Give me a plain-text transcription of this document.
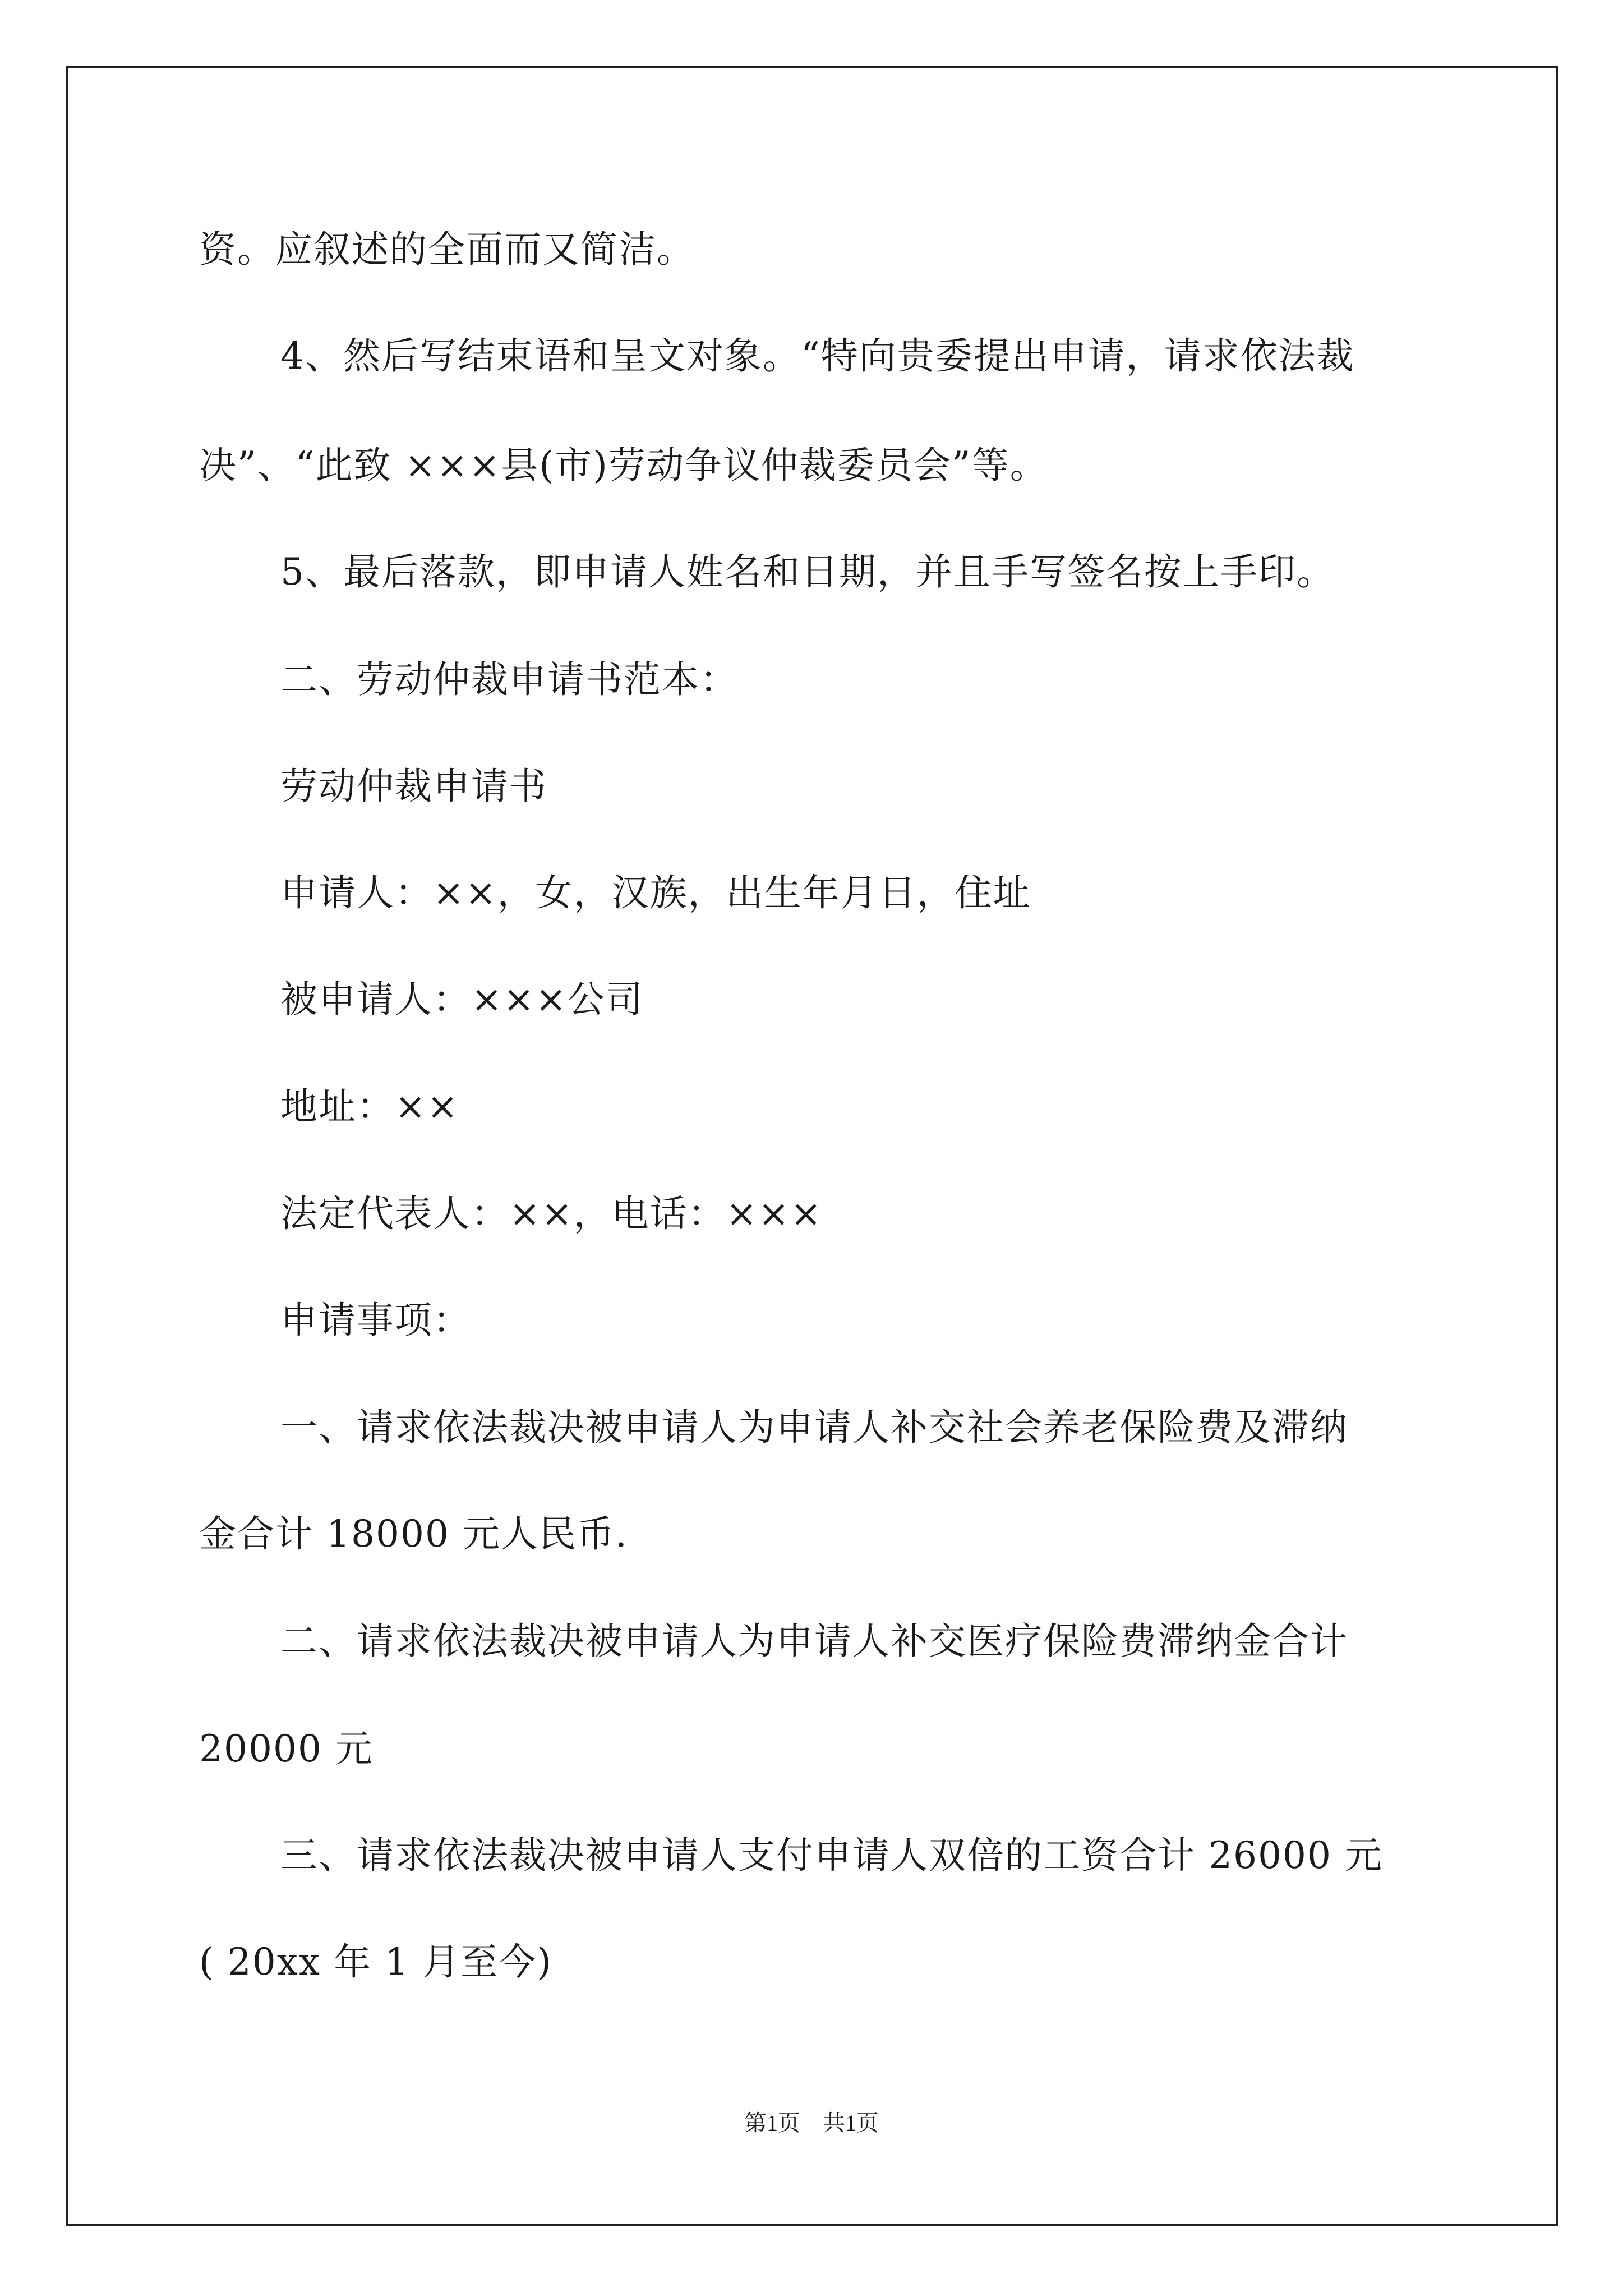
资。应叙述的全面而又简洁。
4、然后写结束语和呈文对象。“特向贵委提出申请，请求依法裁
决”、“此致 ×××县(市)劳动争议仲裁委员会”等。
5、最后落款，即申请人姓名和日期，并且手写签名按上手印。
二、劳动仲裁申请书范本：
劳动仲裁申请书
申请人：××，女，汉族，出生年月日，住址
被申请人：×××公司
地址：××
法定代表人：××，电话：×××
申请事项：
一、请求依法裁决被申请人为申请人补交社会养老保险费及滞纳
金合计 18000 元人民币.
二、请求依法裁决被申请人为申请人补交医疗保险费滞纳金合计
20000 元
三、请求依法裁决被申请人支付申请人双倍的工资合计 26000 元
( 20xx 年 1 月至今)
第1页　共1页
